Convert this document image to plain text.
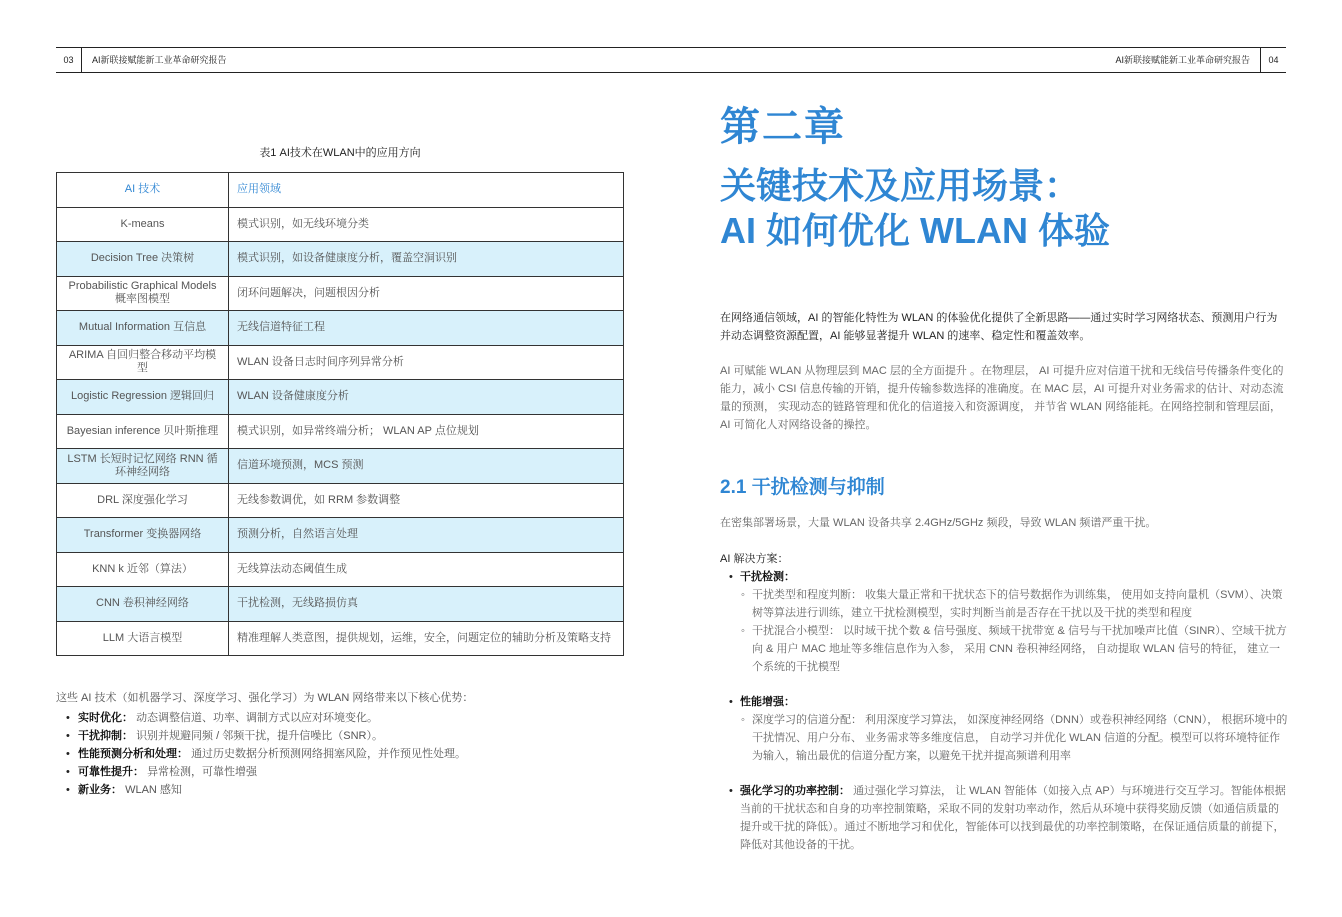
03	AI新联接赋能新工业革命研究报告	AI新联接赋能新工业革命研究报告	04
表1 AI技术在WLAN中的应用方向
AI 技术	应用领域
K-means	模式识别，如无线环境分类
Decision Tree 决策树	模式识别，如设备健康度分析，覆盖空洞识别
Probabilistic Graphical Models 概率图模型	闭环问题解决，问题根因分析
Mutual Information 互信息	无线信道特征工程
ARIMA 自回归整合移动平均模型	WLAN 设备日志时间序列异常分析
Logistic Regression 逻辑回归	WLAN 设备健康度分析
Bayesian inference 贝叶斯推理	模式识别，如异常终端分析； WLAN AP 点位规划
LSTM 长短时记忆网络 RNN 循环神经网络	信道环境预测，MCS 预测
DRL 深度强化学习	无线参数调优，如 RRM 参数调整
Transformer 变换器网络	预测分析，自然语言处理
KNN k 近邻（算法）	无线算法动态阈值生成
CNN 卷积神经网络	干扰检测，无线路损仿真
LLM 大语言模型	精准理解人类意图，提供规划，运维，安全，问题定位的辅助分析及策略支持

这些 AI 技术（如机器学习、深度学习、强化学习）为 WLAN 网络带来以下核心优势：

• 实时优化： 动态调整信道、功率、调制方式以应对环境变化。
• 干扰抑制： 识别并规避同频 / 邻频干扰，提升信噪比（SNR）。
• 性能预测分析和处理： 通过历史数据分析预测网络拥塞风险，并作预见性处理。
• 可靠性提升： 异常检测，可靠性增强
• 新业务： WLAN 感知
第二章
关键技术及应用场景：
AI 如何优化 WLAN 体验

在网络通信领域，AI 的智能化特性为 WLAN 的体验优化提供了全新思路——通过实时学习网络状态、预测用户行为并动态调整资源配置，AI 能够显著提升 WLAN 的速率、稳定性和覆盖效率。

AI 可赋能 WLAN 从物理层到 MAC 层的全方面提升 。在物理层， AI 可提升应对信道干扰和无线信号传播条件变化的能力，减小 CSI 信息传输的开销，提升传输参数选择的准确度。在 MAC 层，AI 可提升对业务需求的估计、对动态流量的预测， 实现动态的链路管理和优化的信道接入和资源调度， 并节省 WLAN 网络能耗。在网络控制和管理层面， AI 可简化人对网络设备的操控。

2.1 干扰检测与抑制

在密集部署场景，大量 WLAN 设备共享 2.4GHz/5GHz 频段，导致 WLAN 频谱严重干扰。

AI 解决方案：
• 干扰检测：
◦ 干扰类型和程度判断： 收集大量正常和干扰状态下的信号数据作为训练集， 使用如支持向量机（SVM）、决策树等算法进行训练，建立干扰检测模型，实时判断当前是否存在干扰以及干扰的类型和程度
◦ 干扰混合小模型： 以时域干扰个数 & 信号强度、频域干扰带宽 & 信号与干扰加噪声比值（SINR）、空域干扰方向 & 用户 MAC 地址等多维信息作为入参， 采用 CNN 卷积神经网络， 自动提取 WLAN 信号的特征， 建立一个系统的干扰模型
• 性能增强：
◦ 深度学习的信道分配： 利用深度学习算法， 如深度神经网络（DNN）或卷积神经网络（CNN）， 根据环境中的干扰情况、用户分布、 业务需求等多维度信息， 自动学习并优化 WLAN 信道的分配。模型可以将环境特征作为输入，输出最优的信道分配方案，以避免干扰并提高频谱利用率
• 强化学习的功率控制： 通过强化学习算法， 让 WLAN 智能体（如接入点 AP）与环境进行交互学习。智能体根据当前的干扰状态和自身的功率控制策略，采取不同的发射功率动作，然后从环境中获得奖励反馈（如通信质量的提升或干扰的降低）。通过不断地学习和优化，智能体可以找到最优的功率控制策略，在保证通信质量的前提下，降低对其他设备的干扰。
